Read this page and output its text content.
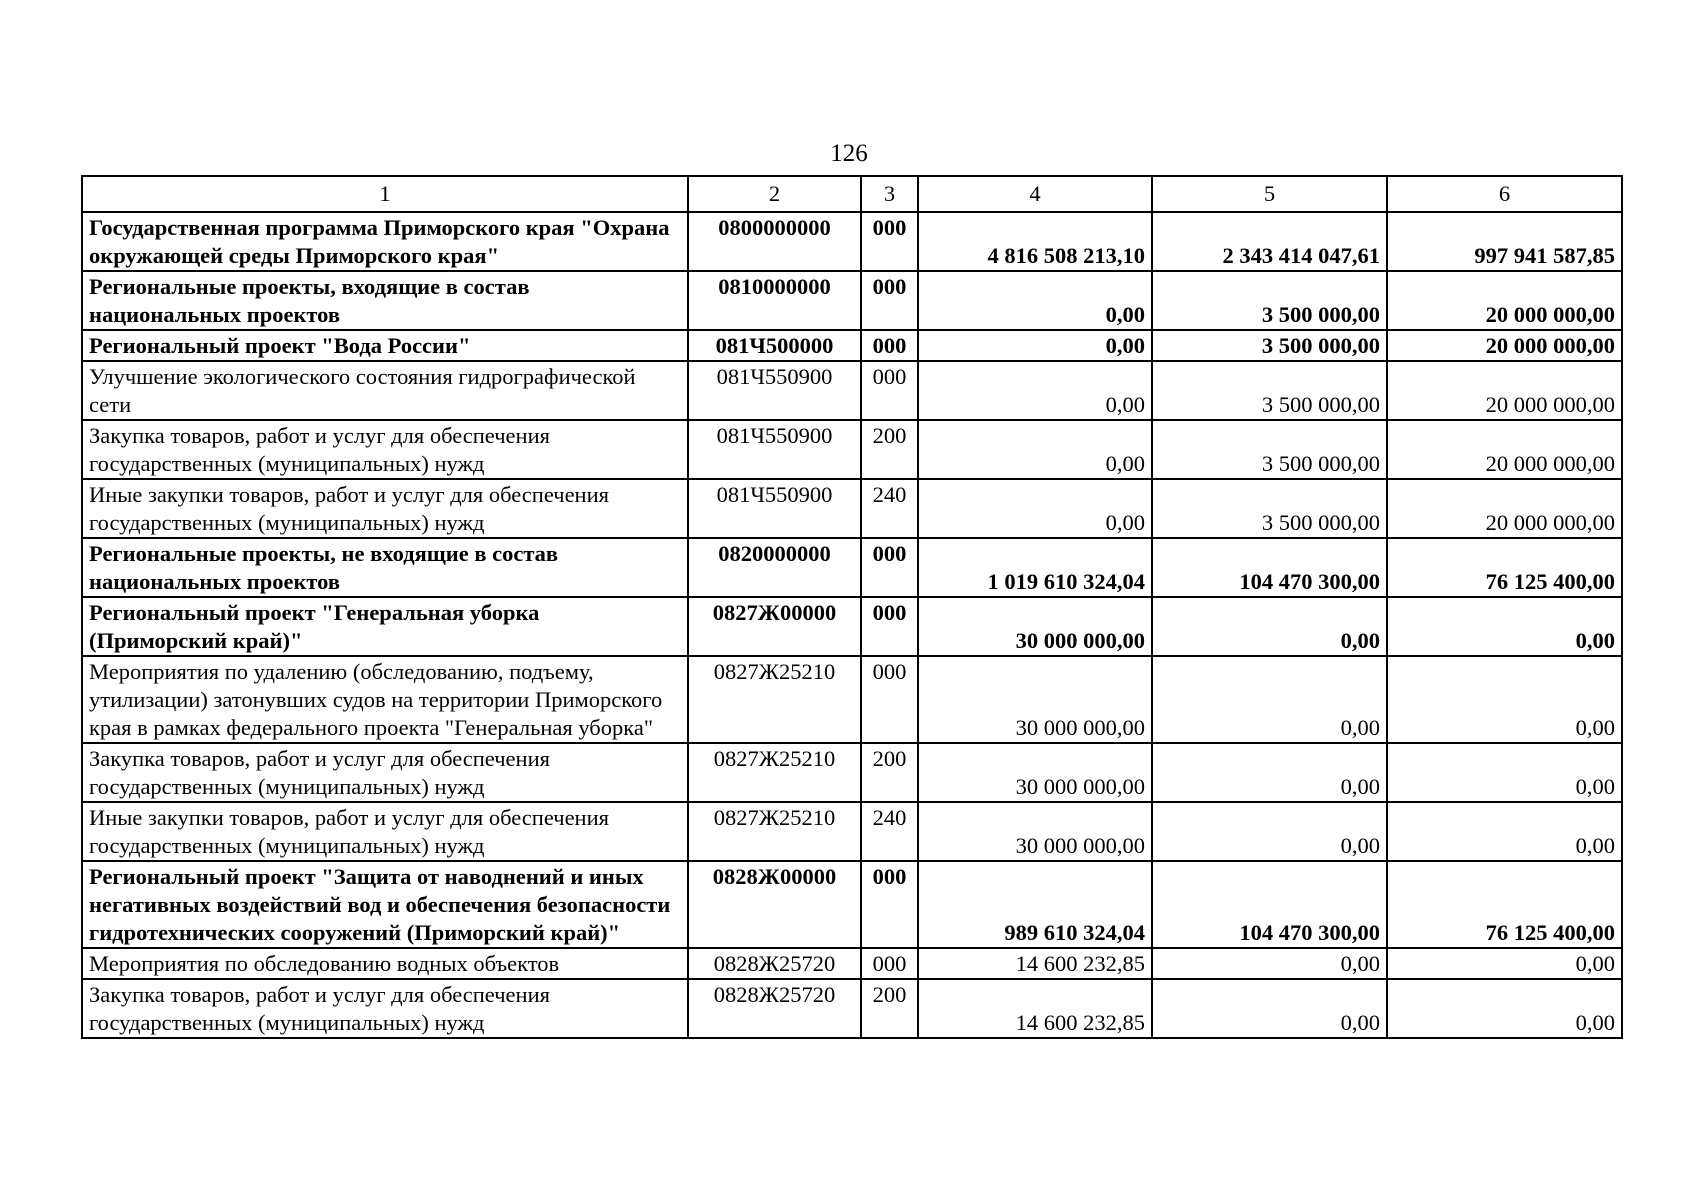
126
1	2	3	4	5	6
Государственная программа Приморского края "Охрана окружающей среды Приморского края"	0800000000	000	4 816 508 213,10	2 343 414 047,61	997 941 587,85
Региональные проекты, входящие в состав национальных проектов	0810000000	000	0,00	3 500 000,00	20 000 000,00
Региональный проект "Вода России"	081Ч500000	000	0,00	3 500 000,00	20 000 000,00
Улучшение экологического состояния гидрографической сети	081Ч550900	000	0,00	3 500 000,00	20 000 000,00
Закупка товаров, работ и услуг для обеспечения государственных (муниципальных) нужд	081Ч550900	200	0,00	3 500 000,00	20 000 000,00
Иные закупки товаров, работ и услуг для обеспечения государственных (муниципальных) нужд	081Ч550900	240	0,00	3 500 000,00	20 000 000,00
Региональные проекты, не входящие в состав национальных проектов	0820000000	000	1 019 610 324,04	104 470 300,00	76 125 400,00
Региональный проект "Генеральная уборка (Приморский край)"	0827Ж00000	000	30 000 000,00	0,00	0,00
Мероприятия по удалению (обследованию, подъему, утилизации) затонувших судов на территории Приморского края в рамках федерального проекта "Генеральная уборка"	0827Ж25210	000	30 000 000,00	0,00	0,00
Закупка товаров, работ и услуг для обеспечения государственных (муниципальных) нужд	0827Ж25210	200	30 000 000,00	0,00	0,00
Иные закупки товаров, работ и услуг для обеспечения государственных (муниципальных) нужд	0827Ж25210	240	30 000 000,00	0,00	0,00
Региональный проект "Защита от наводнений и иных негативных воздействий вод и обеспечения безопасности гидротехнических сооружений (Приморский край)"	0828Ж00000	000	989 610 324,04	104 470 300,00	76 125 400,00
Мероприятия по обследованию водных объектов	0828Ж25720	000	14 600 232,85	0,00	0,00
Закупка товаров, работ и услуг для обеспечения государственных (муниципальных) нужд	0828Ж25720	200	14 600 232,85	0,00	0,00
